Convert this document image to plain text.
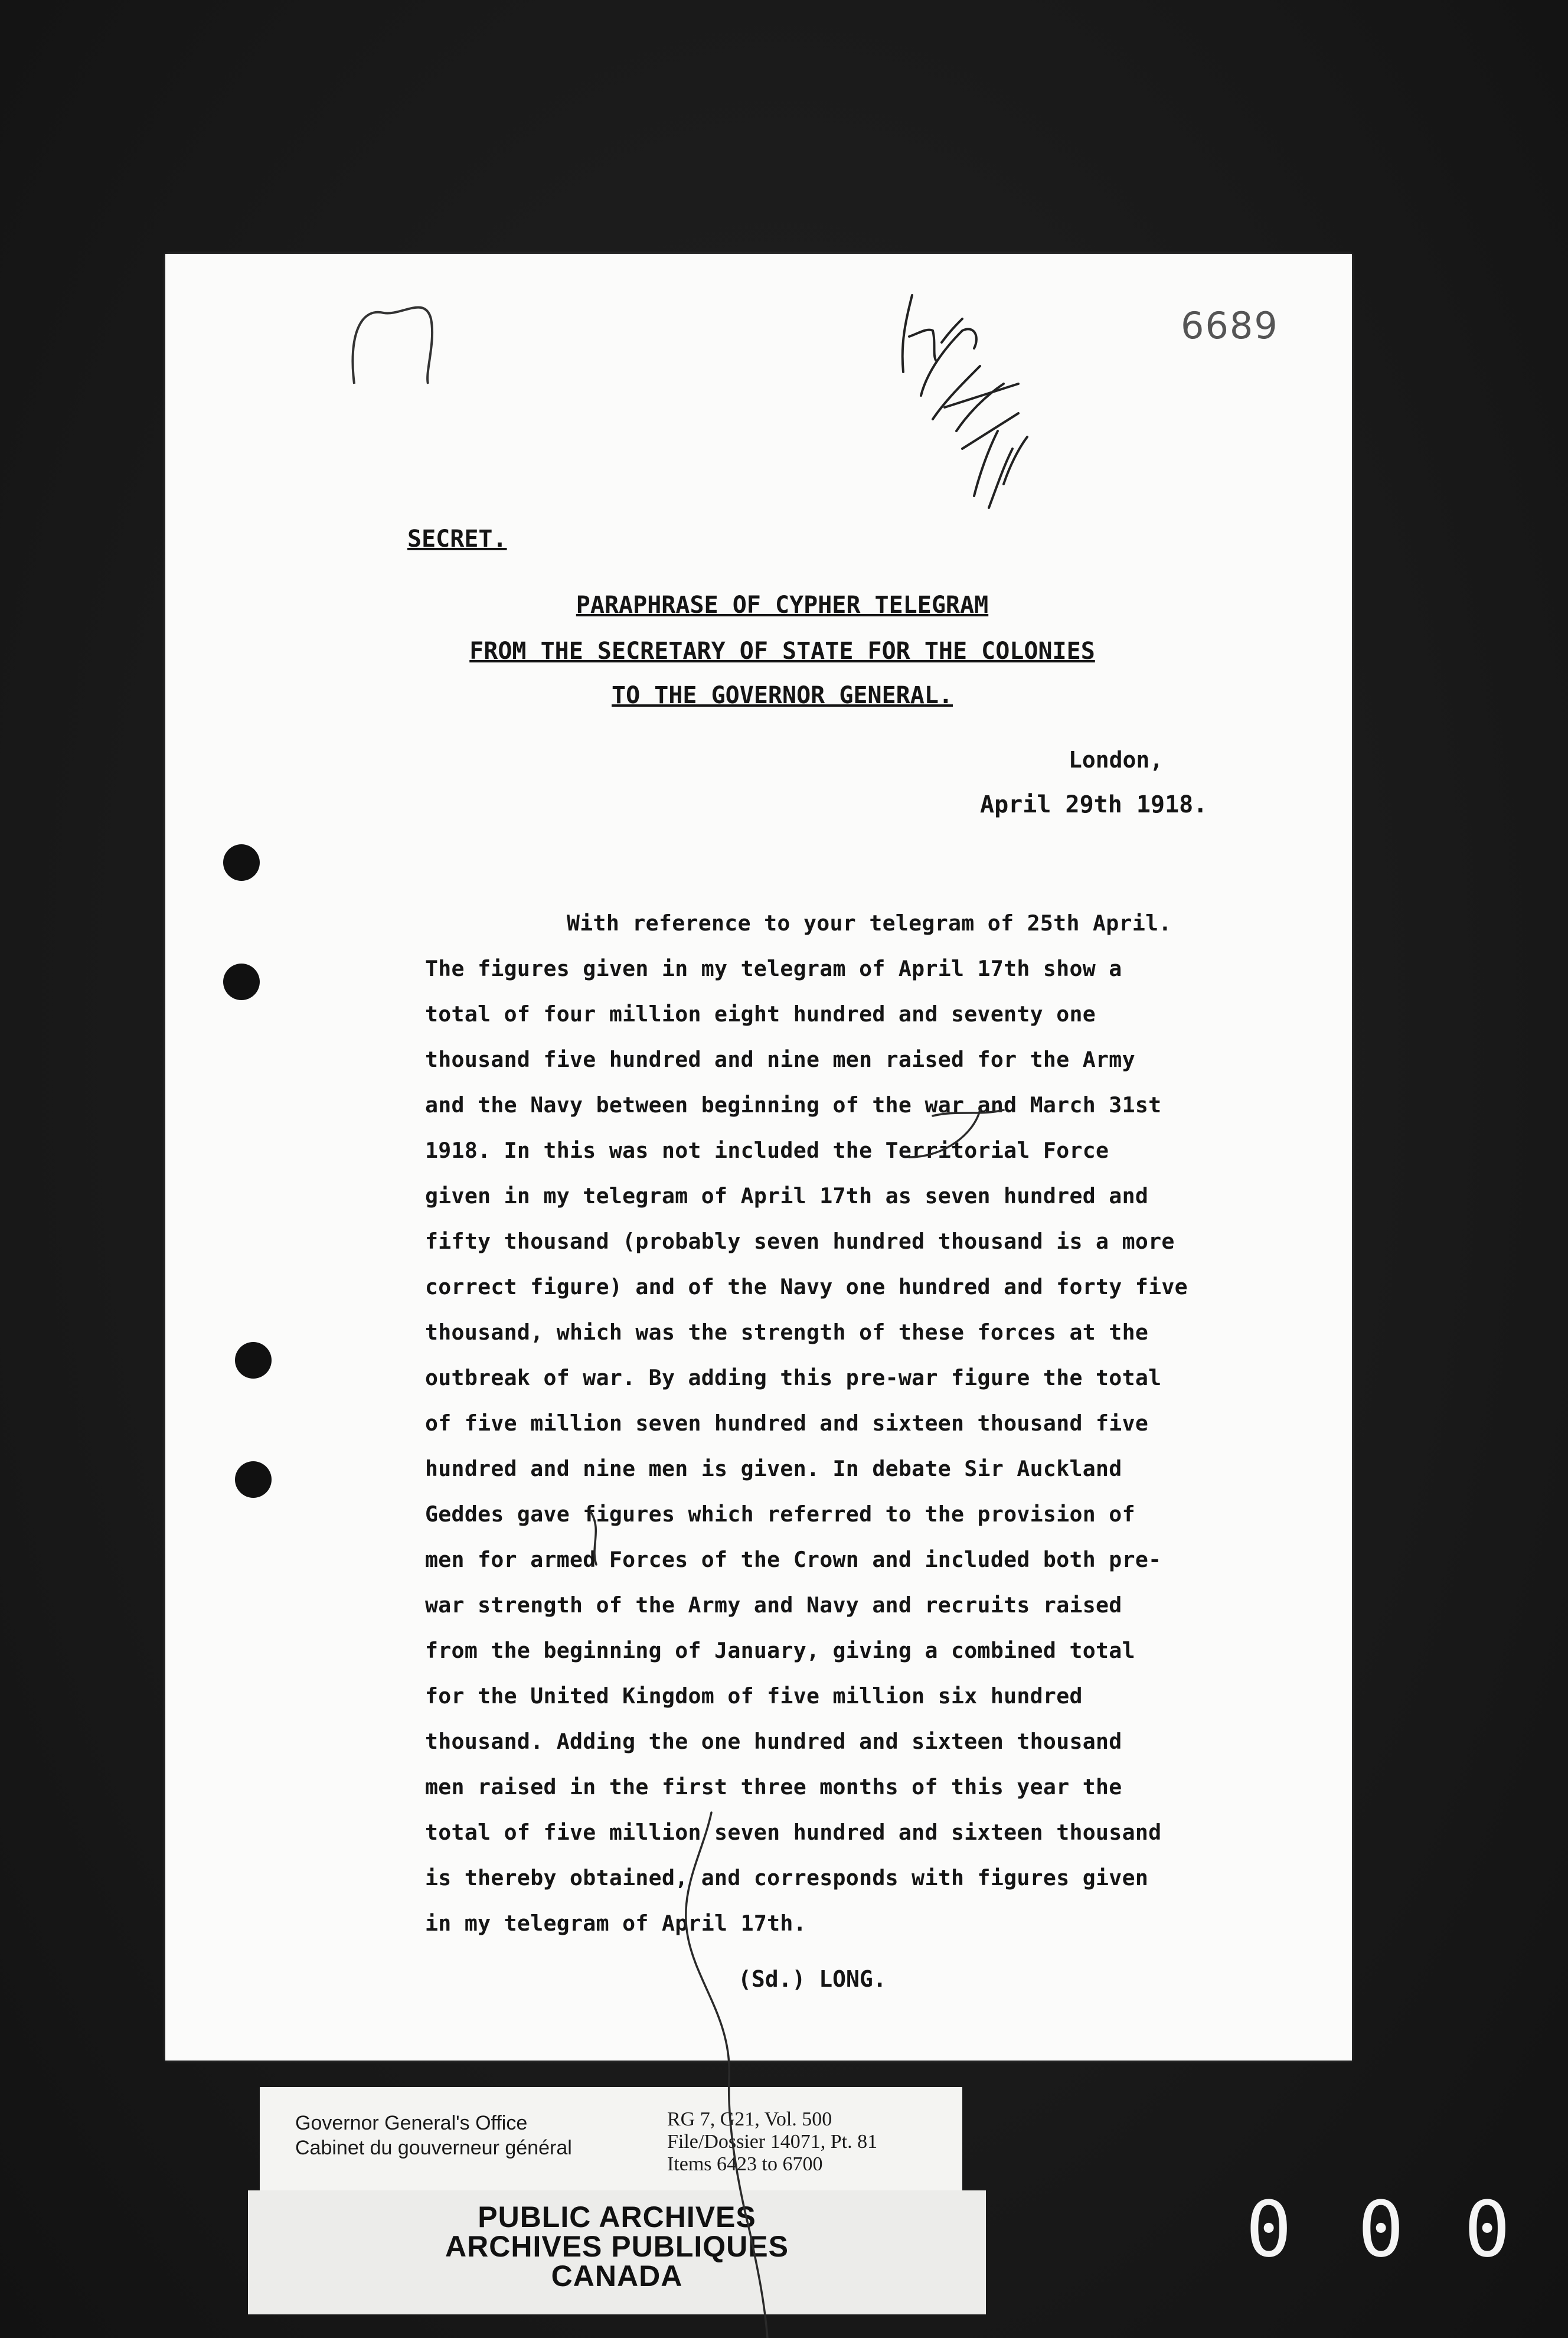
6689
SECRET.
PARAPHRASE OF CYPHER TELEGRAM
FROM THE SECRETARY OF STATE FOR THE COLONIES
TO THE GOVERNOR GENERAL.
London,
April 29th 1918.
With reference to your telegram of 25th April.
The figures given in my telegram of April 17th show a
total of four million eight hundred and seventy one
thousand five hundred and nine men raised for the Army
and the Navy between beginning of the war and March 31st
1918. In this was not included the Territorial Force
given in my telegram of April 17th as seven hundred and
fifty thousand (probably seven hundred thousand is a more
correct figure) and of the Navy one hundred and forty five
thousand, which was the strength of these forces at the
outbreak of war. By adding this pre-war figure the total
of five million seven hundred and sixteen thousand five
hundred and nine men is given. In debate Sir Auckland
Geddes gave figures which referred to the provision of
men for armed Forces of the Crown and included both pre-
war strength of the Army and Navy and recruits raised
from the beginning of January, giving a combined total
for the United Kingdom of five million six hundred
thousand. Adding the one hundred and sixteen thousand
men raised in the first three months of this year the
total of five million seven hundred and sixteen thousand
is thereby obtained, and corresponds with figures given
in my telegram of April 17th.
(Sd.) LONG.
Governor General's Office
Cabinet du gouverneur général
RG 7, G21, Vol. 500
File/Dossier 14071, Pt. 81
Items 6423 to 6700
PUBLIC ARCHIVES
ARCHIVES PUBLIQUES
CANADA
0 0 0
